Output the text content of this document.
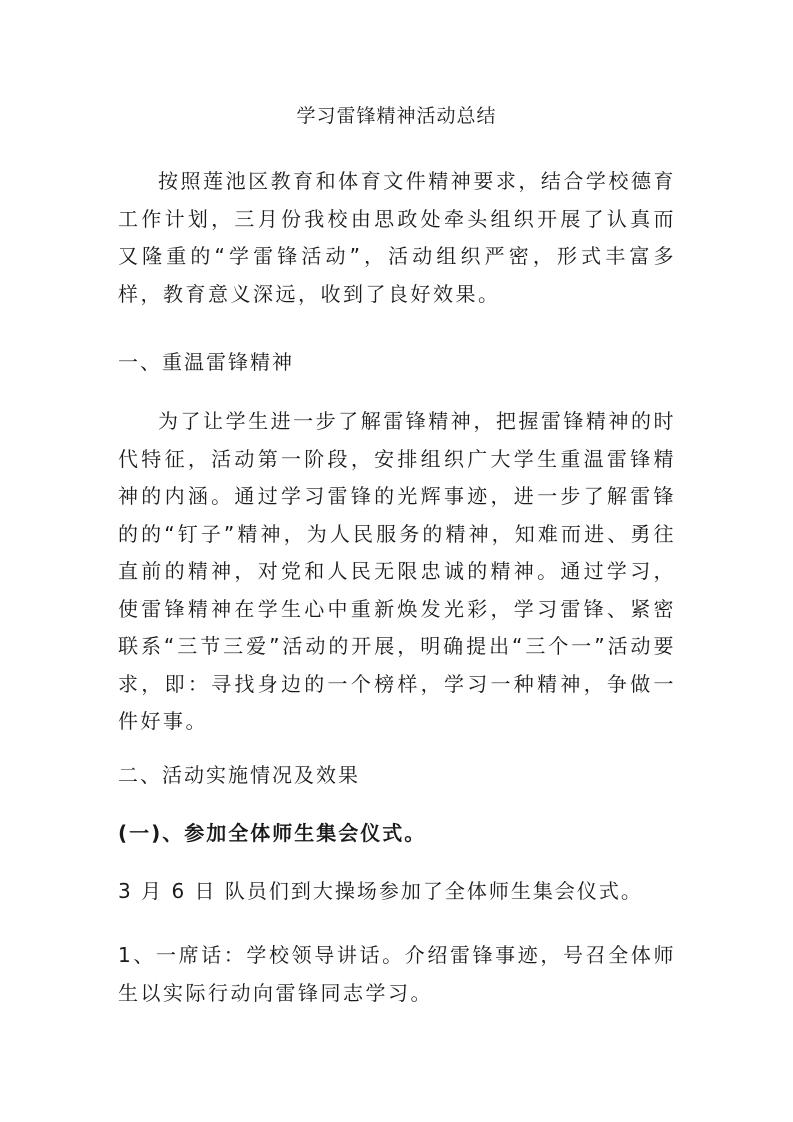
学习雷锋精神活动总结

按照莲池区教育和体育文件精神要求，结合学校德育工作计划，三月份我校由思政处牵头组织开展了认真而又隆重的“学雷锋活动”，活动组织严密，形式丰富多样，教育意义深远，收到了良好效果。

一、重温雷锋精神

为了让学生进一步了解雷锋精神，把握雷锋精神的时代特征，活动第一阶段，安排组织广大学生重温雷锋精神的内涵。通过学习雷锋的光辉事迹，进一步了解雷锋的的“钉子”精神，为人民服务的精神，知难而进、勇往直前的精神，对党和人民无限忠诚的精神。通过学习，使雷锋精神在学生心中重新焕发光彩，学习雷锋、紧密联系“三节三爱”活动的开展，明确提出“三个一”活动要求，即：寻找身边的一个榜样，学习一种精神，争做一件好事。

二、活动实施情况及效果
(一)、参加全体师生集会仪式。
3 月 6 日 队员们到大操场参加了全体师生集会仪式。

1、一席话：学校领导讲话。介绍雷锋事迹，号召全体师生以实际行动向雷锋同志学习。
